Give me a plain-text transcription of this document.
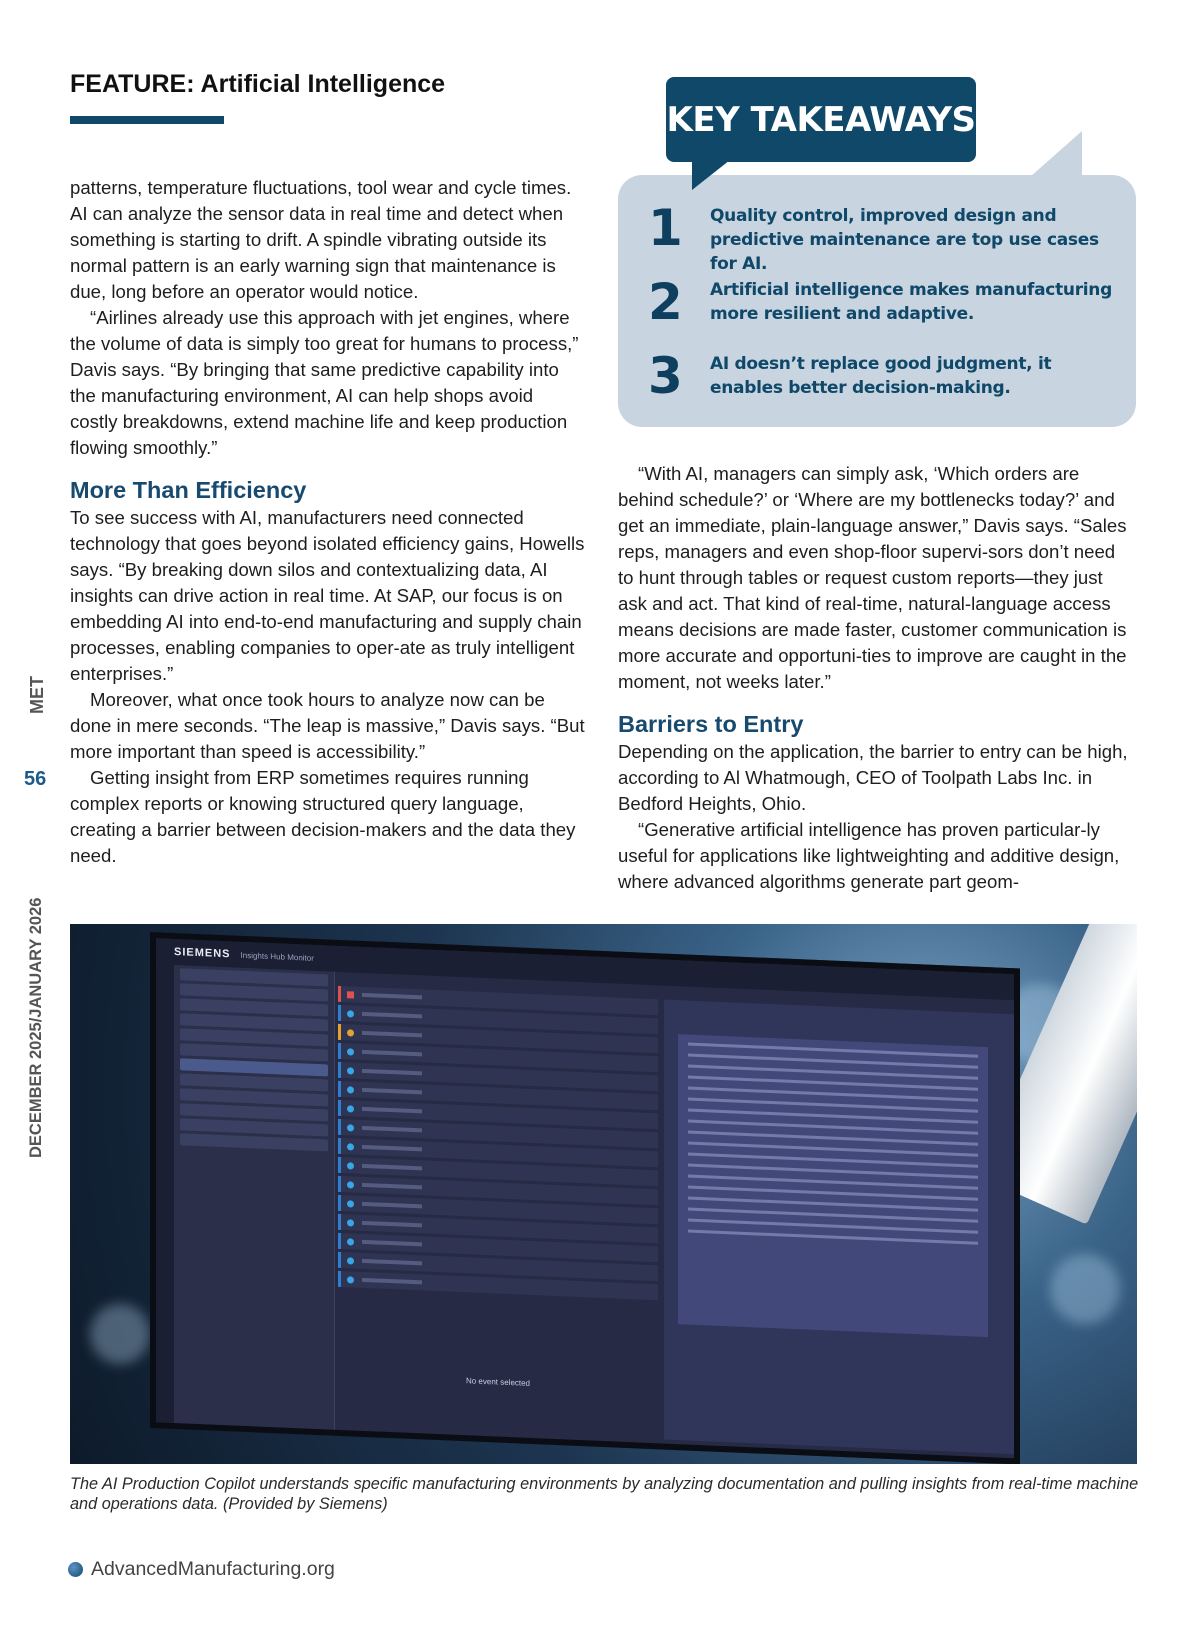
FEATURE: Artificial Intelligence

patterns, temperature fluctuations, tool wear and cycle times. AI can analyze the sensor data in real time and detect when something is starting to drift. A spindle vibrating outside its normal pattern is an early warning sign that maintenance is due, long before an operator would notice.

“Airlines already use this approach with jet engines, where the volume of data is simply too great for humans to process,” Davis says. “By bringing that same predictive capability into the manufacturing environment, AI can help shops avoid costly breakdowns, extend machine life and keep production flowing smoothly.”

More Than Efficiency

To see success with AI, manufacturers need connected technology that goes beyond isolated efficiency gains, Howells says. “By breaking down silos and contextualizing data, AI insights can drive action in real time. At SAP, our focus is on embedding AI into end-to-end manufacturing and supply chain processes, enabling companies to oper-ate as truly intelligent enterprises.”

Moreover, what once took hours to analyze now can be done in mere seconds. “The leap is massive,” Davis says. “But more important than speed is accessibility.”

Getting insight from ERP sometimes requires running complex reports or knowing structured query language, creating a barrier between decision-makers and the data they need.

KEY TAKEAWAYS
1 Quality control, improved design and predictive maintenance are top use cases for AI.
2 Artificial intelligence makes manufacturing more resilient and adaptive.
3 AI doesn’t replace good judgment, it enables better decision-making.

“With AI, managers can simply ask, ‘Which orders are behind schedule?’ or ‘Where are my bottlenecks today?’ and get an immediate, plain-language answer,” Davis says. “Sales reps, managers and even shop-floor supervi-sors don’t need to hunt through tables or request custom reports—they just ask and act. That kind of real-time, natural-language access means decisions are made faster, customer communication is more accurate and opportuni-ties to improve are caught in the moment, not weeks later.”

Barriers to Entry

Depending on the application, the barrier to entry can be high, according to Al Whatmough, CEO of Toolpath Labs Inc. in Bedford Heights, Ohio.

“Generative artificial intelligence has proven particular-ly useful for applications like lightweighting and additive design, where advanced algorithms generate part geom-

MET
56
DECEMBER 2025/JANUARY 2026	SIEMENS Insights Hub Monitor
No event selected
The AI Production Copilot understands specific manufacturing environments by analyzing documentation and pulling insights from real-time machine and operations data. (Provided by Siemens)
AdvancedManufacturing.org
